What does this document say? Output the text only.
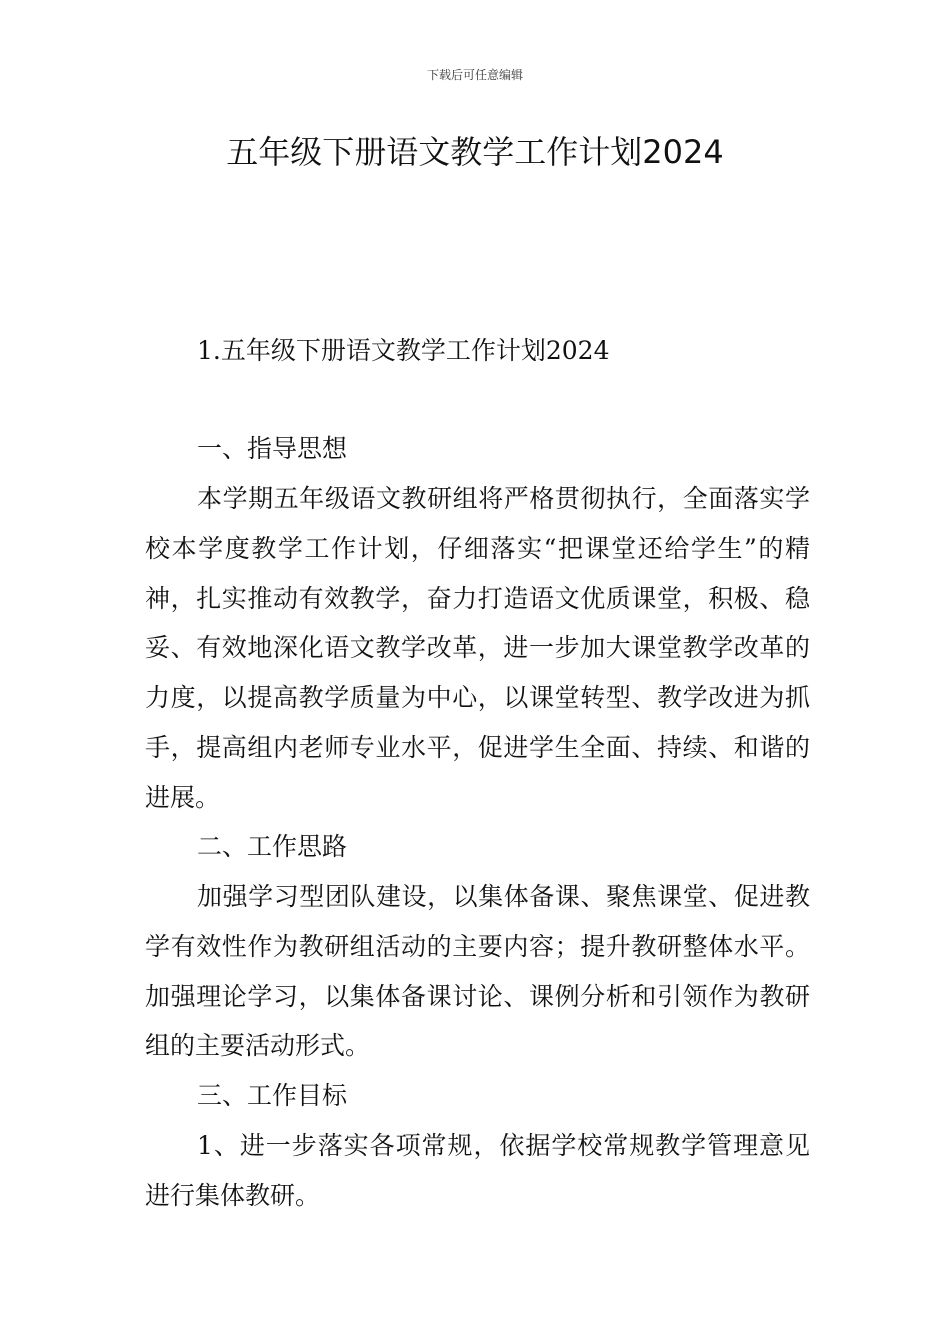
下载后可任意编辑
五年级下册语文教学工作计划2024
1.五年级下册语文教学工作计划2024
一、指导思想

本学期五年级语文教研组将严格贯彻执行，全面落实学校本学度教学工作计划，仔细落实“把课堂还给学生”的精神，扎实推动有效教学，奋力打造语文优质课堂，积极、稳妥、有效地深化语文教学改革，进一步加大课堂教学改革的力度，以提高教学质量为中心，以课堂转型、教学改进为抓手，提高组内老师专业水平，促进学生全面、持续、和谐的进展。

二、工作思路

加强学习型团队建设，以集体备课、聚焦课堂、促进教学有效性作为教研组活动的主要内容；提升教研整体水平。加强理论学习，以集体备课讨论、课例分析和引领作为教研组的主要活动形式。

三、工作目标

1、进一步落实各项常规，依据学校常规教学管理意见进行集体教研。
